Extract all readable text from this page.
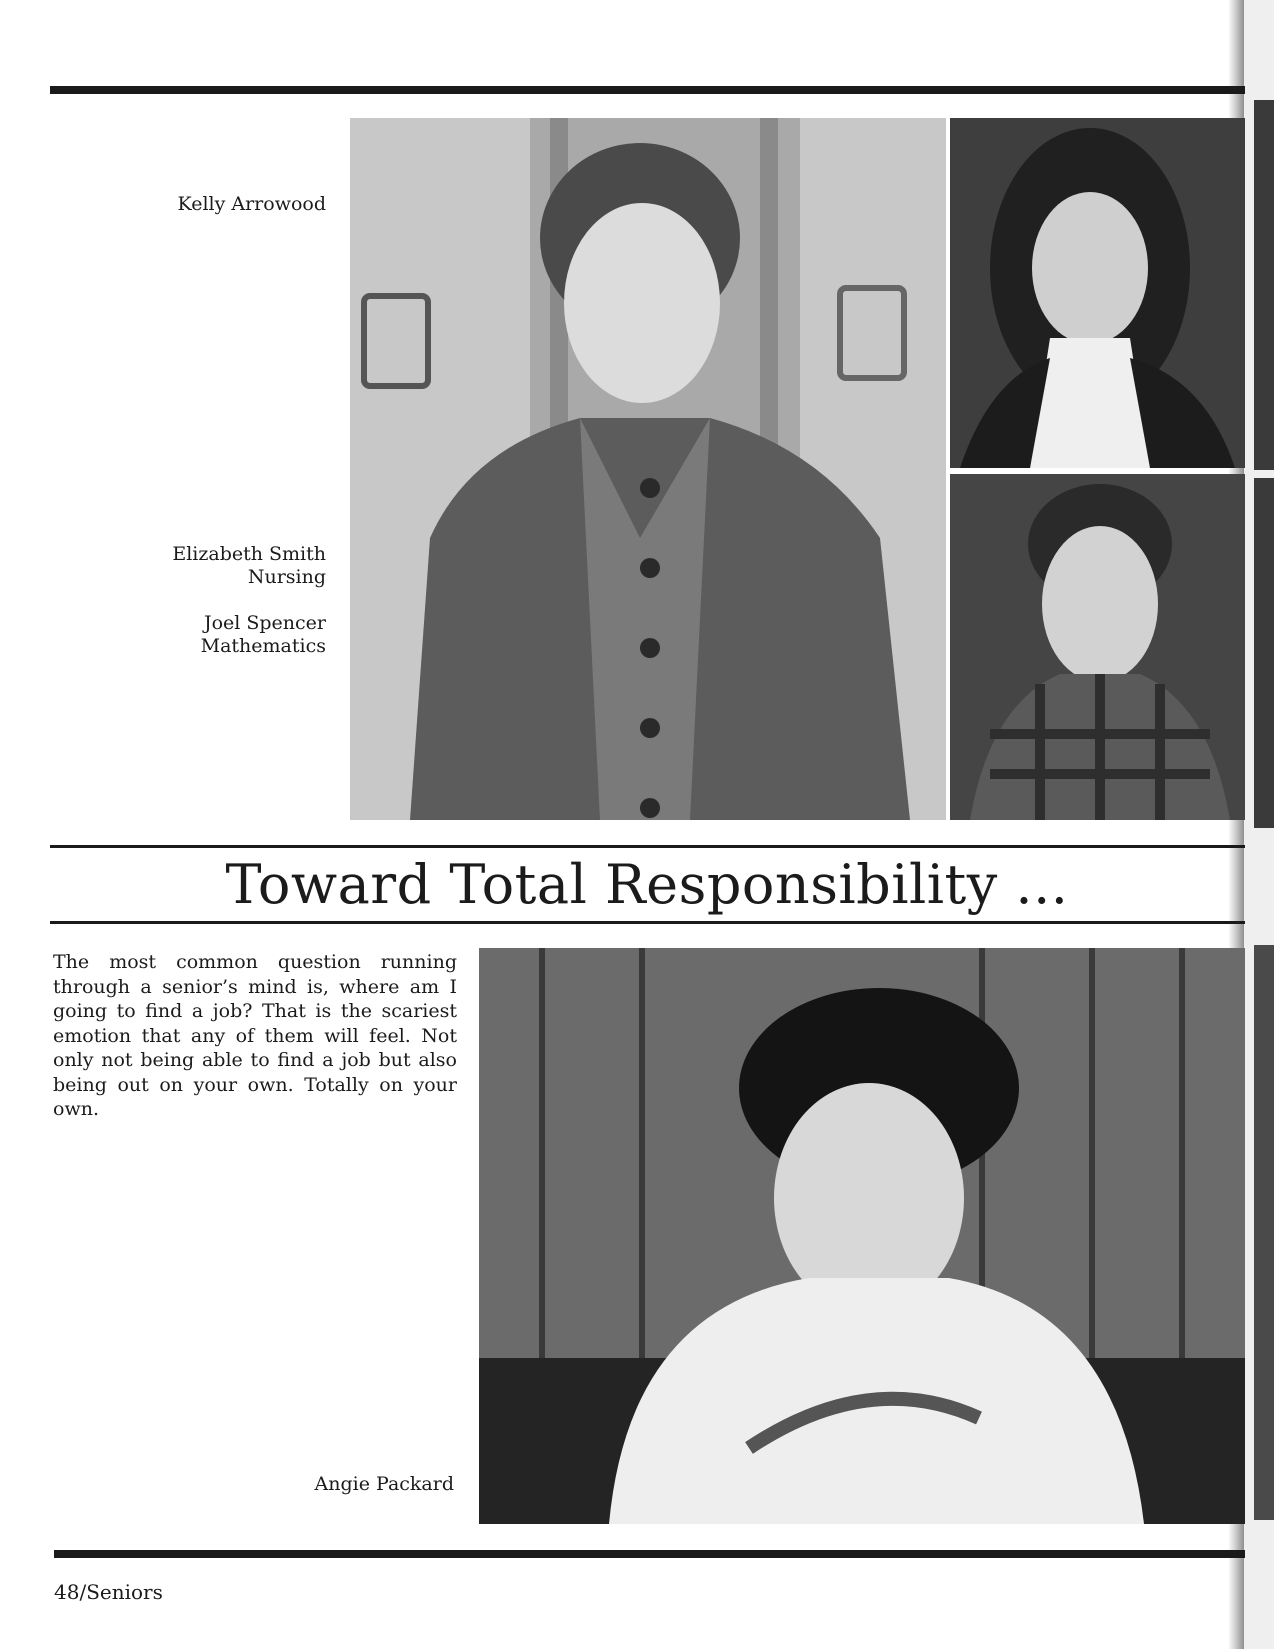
Kelly Arrowood
Elizabeth Smith
Nursing
Joel Spencer
Mathematics
Toward Total Responsibility ...
The most common question running through a senior’s mind is, where am I going to find a job? That is the scariest emotion that any of them will feel. Not only not being able to find a job but also being out on your own. Totally on your own.
Angie Packard
48/Seniors
